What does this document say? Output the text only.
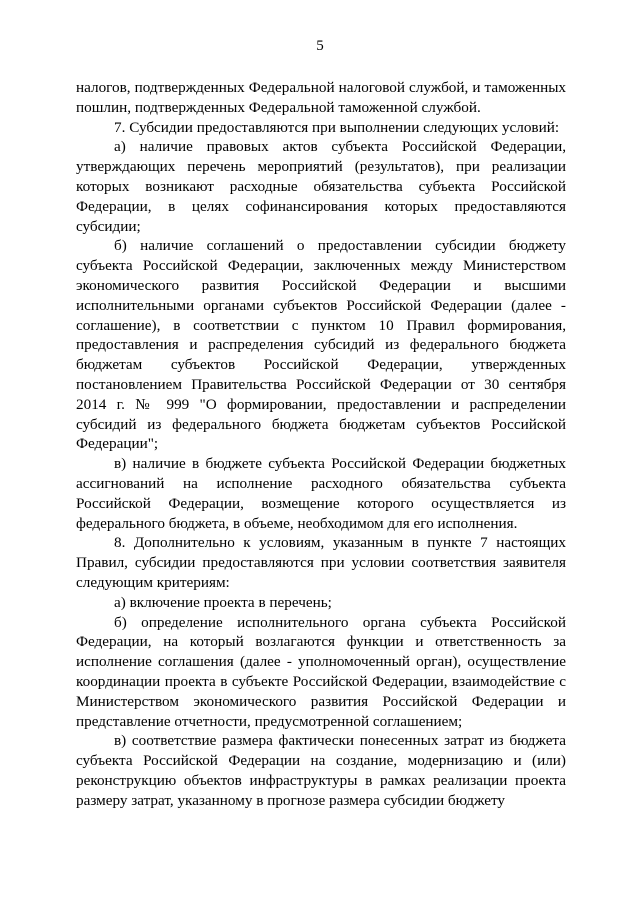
5

налогов, подтвержденных Федеральной налоговой службой, и таможенных пошлин, подтвержденных Федеральной таможенной службой.

7. Субсидии предоставляются при выполнении следующих условий:

а) наличие правовых актов субъекта Российской Федерации, утверждающих перечень мероприятий (результатов), при реализации которых возникают расходные обязательства субъекта Российской Федерации, в целях софинансирования которых предоставляются субсидии;

б) наличие соглашений о предоставлении субсидии бюджету субъекта Российской Федерации, заключенных между Министерством экономического развития Российской Федерации и высшими исполнительными органами субъектов Российской Федерации (далее - соглашение), в соответствии с пунктом 10 Правил формирования, предоставления и распределения субсидий из федерального бюджета бюджетам субъектов Российской Федерации, утвержденных постановлением Правительства Российской Федерации от 30 сентября 2014 г. № 999 "О формировании, предоставлении и распределении субсидий из федерального бюджета бюджетам субъектов Российской Федерации";

в) наличие в бюджете субъекта Российской Федерации бюджетных ассигнований на исполнение расходного обязательства субъекта Российской Федерации, возмещение которого осуществляется из федерального бюджета, в объеме, необходимом для его исполнения.

8. Дополнительно к условиям, указанным в пункте 7 настоящих Правил, субсидии предоставляются при условии соответствия заявителя следующим критериям:

а) включение проекта в перечень;

б) определение исполнительного органа субъекта Российской Федерации, на который возлагаются функции и ответственность за исполнение соглашения (далее - уполномоченный орган), осуществление координации проекта в субъекте Российской Федерации, взаимодействие с Министерством экономического развития Российской Федерации и представление отчетности, предусмотренной соглашением;

в) соответствие размера фактически понесенных затрат из бюджета субъекта Российской Федерации на создание, модернизацию и (или) реконструкцию объектов инфраструктуры в рамках реализации проекта размеру затрат, указанному в прогнозе размера субсидии бюджету
